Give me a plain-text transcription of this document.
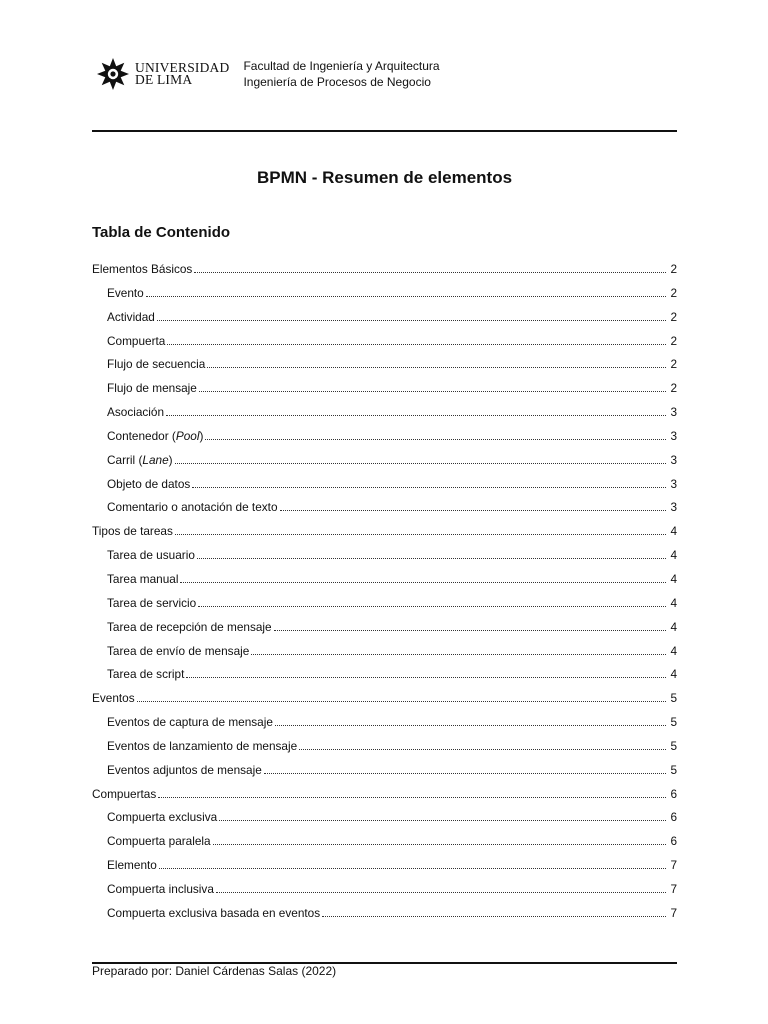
UNIVERSIDAD
DE LIMA
Facultad de Ingeniería y Arquitectura
Ingeniería de Procesos de Negocio
BPMN - Resumen de elementos
Tabla de Contenido
Elementos Básicos	2
Evento	2
Actividad	2
Compuerta	2
Flujo de secuencia	2
Flujo de mensaje	2
Asociación	3
Contenedor (Pool)	3
Carril (Lane)	3
Objeto de datos	3
Comentario o anotación de texto	3
Tipos de tareas	4
Tarea de usuario	4
Tarea manual	4
Tarea de servicio	4
Tarea de recepción de mensaje	4
Tarea de envío de mensaje	4
Tarea de script	4
Eventos	5
Eventos de captura de mensaje	5
Eventos de lanzamiento de mensaje	5
Eventos adjuntos de mensaje	5
Compuertas	6
Compuerta exclusiva	6
Compuerta paralela	6
Elemento	7
Compuerta inclusiva	7
Compuerta exclusiva basada en eventos	7
Preparado por: Daniel Cárdenas Salas (2022)
